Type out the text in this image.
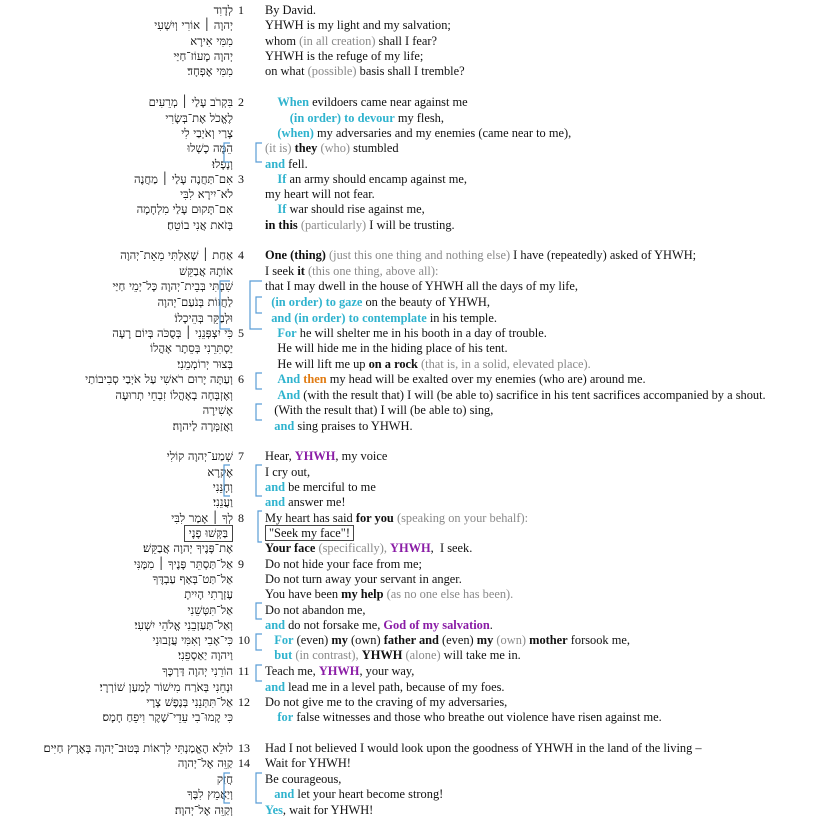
לְדָוִד 1	By David.
יְהוָה ׀ אוֹרִי וְיִשְׁעִי	YHWH is my light and my salvation;
מִמִּי אִירָא	whom (in all creation) shall I fear?
יְהוָה מָעוֹז־חַיַּי	YHWH is the refuge of my life;
מִמִּי אֶפְחָד׃	on what (possible) basis shall I tremble?
בִּקְרֹב עָלַי ׀ מְרֵעִים 2	When evildoers came near against me
לֶאֱכֹל אֶת־בְּשָׂרִי	(in order) to devour my flesh,
צָרַי וְאֹיְבַי לִי	(when) my adversaries and my enemies (came near to me),
הֵמָּה כָשְׁלוּ	(it is) they (who) stumbled
וְנָפָלוּ׃	and fell.
אִם־תַּחֲנֶה עָלַי ׀ מַחֲנֶה 3	If an army should encamp against me,
לֹא־יִירָא לִבִּי	my heart will not fear.
אִם־תָּקוּם עָלַי מִלְחָמָה	If war should rise against me,
בְּזֹאת אֲנִי בוֹטֵחַ׃	in this (particularly) I will be trusting.
אַחַת ׀ שָׁאַלְתִּי מֵאֵת־יְהוָה 4	One (thing) (just this one thing and nothing else) I have (repeatedly) asked of YHWH;
אוֹתָהּ אֲבַקֵּשׁ	I seek it (this one thing, above all):
שִׁבְתִּי בְּבֵית־יְהוָה כָּל־יְמֵי חַיַּי	that I may dwell in the house of YHWH all the days of my life,
לַחֲזוֹת בְּנֹעַם־יְהוָה	(in order) to gaze on the beauty of YHWH,
וּלְבַקֵּר בְּהֵיכָלוֹ׃	and (in order) to contemplate in his temple.
כִּי יִצְפְּנֵנִי ׀ בְּסֻכֹּה בְּיוֹם רָעָה 5	For he will shelter me in his booth in a day of trouble.
יַסְתִּרֵנִי בְּסֵתֶר אָהֳלוֹ	He will hide me in the hiding place of his tent.
בְּצוּר יְרוֹמְמֵנִי׃	He will lift me up on a rock (that is, in a solid, elevated place).
וְעַתָּה יָרוּם רֹאשִׁי עַל אֹיְבַי סְבִיבוֹתַי 6	And then my head will be exalted over my enemies (who are) around me.
וְאֶזְבְּחָה בְאָהֳלוֹ זִבְחֵי תְרוּעָה	And (with the result that) I will (be able to) sacrifice in his tent sacrifices accompanied by a shout.
אָשִׁירָה	(With the result that) I will (be able to) sing,
וַאֲזַמְּרָה לַיהוָה׃	and sing praises to YHWH.
שְׁמַע־יְהוָה קוֹלִי 7	Hear, YHWH, my voice
אֶקְרָא	I cry out,
וְחָנֵּנִי	and be merciful to me
וַעֲנֵנִי׃	and answer me!
לְךָ ׀ אָמַר לִבִּי 8	My heart has said for you (speaking on your behalf):
בַּקְּשׁוּ פָנָי	"Seek my face"!
אֶת־פָּנֶיךָ יְהוָה אֲבַקֵּשׁ׃	Your face (specifically), YHWH,  I seek.
אַל־תַּסְתֵּר פָּנֶיךָ ׀ מִמֶּנִּי 9	Do not hide your face from me;
אַל־תַּט־בְּאַף עַבְדֶּךָ	Do not turn away your servant in anger.
עֶזְרָתִי הָיִיתָ	You have been my help (as no one else has been).
אַל־תִּטְּשֵׁנִי	Do not abandon me,
וְאַל־תַּעַזְבֵנִי אֱלֹהֵי יִשְׁעִי׃	and do not forsake me, God of my salvation.
כִּי־אָבִי וְאִמִּי עֲזָבוּנִי 10	For (even) my (own) father and (even) my (own) mother forsook me,
וַיהוָה יַאַסְפֵנִי׃	but (in contrast), YHWH (alone) will take me in.
הוֹרֵנִי יְהוָה דַּרְכֶּךָ 11 Teach me, YHWH, your way,
וּנְחֵנִי בְּאֹרַח מִישׁוֹר לְמַעַן שׁוֹרְרָי׃	and lead me in a level path, because of my foes.
אַל־תִּתְּנֵנִי בְּנֶפֶשׁ צָרָי 12 Do not give me to the craving of my adversaries,
כִּי קָמוּ־בִי עֵדֵי־שֶׁקֶר וִיפֵחַ חָמָס׃	for false witnesses and those who breathe out violence have risen against me.
לוּלֵא הֶאֱמַנְתִּי לִרְאוֹת בְּטוּב־יְהוָה בְּאֶרֶץ חַיִּים׃ 13 Had I not believed I would look upon the goodness of YHWH in the land of the living –
קַוֵּה אֶל־יְהוָה 14 Wait for YHWH!
חֲזַק	Be courageous,
וְיַאֲמֵץ לִבֶּךָ	and let your heart become strong!
וְקַוֵּה אֶל־יְהוָה׃	Yes, wait for YHWH!
